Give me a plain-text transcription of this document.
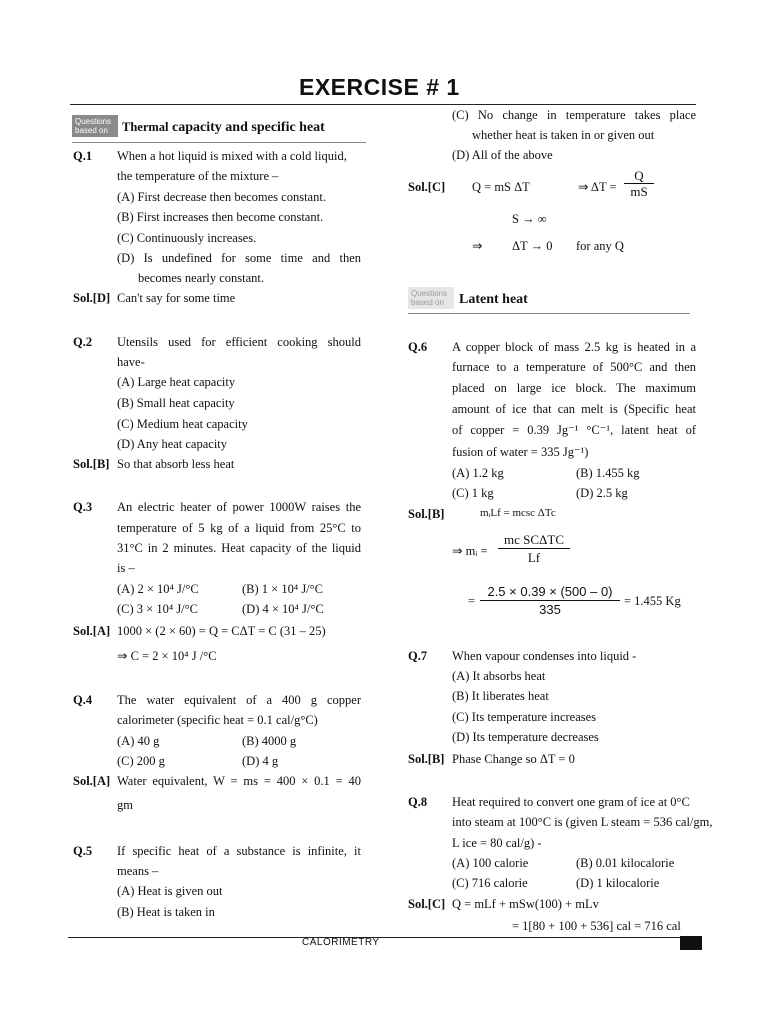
EXERCISE # 1
Questions based on	Thermal capacity and specific heat
Q.1 When a hot liquid is mixed with a cold liquid,
the temperature of the mixture –
(A) First decrease then becomes constant.
(B) First increases then become constant.
(C) Continuously increases.
(D) Is undefined for some time and then
becomes nearly constant.
Sol.[D] Can't say for some time
Q.2 Utensils used for efficient cooking should
have-
(A) Large heat capacity
(B) Small heat capacity
(C) Medium heat capacity
(D) Any heat capacity
Sol.[B] So that absorb less heat
Q.3 An electric heater of power 1000W raises the
temperature of 5 kg of a liquid from 25°C to
31°C in 2 minutes. Heat capacity of the liquid
is –
(A) 2 × 10⁴ J/°C	(B) 1 × 10⁴ J/°C
(C) 3 × 10⁴ J/°C	(D) 4 × 10⁴ J/°C
Sol.[A] 1000 × (2 × 60) = Q = CΔT = C (31 – 25)
⇒ C = 2 × 10⁴ J /°C
Q.4 The water equivalent of a 400 g copper
calorimeter (specific heat = 0.1 cal/g°C)
(A) 40 g	(B) 4000 g
(C) 200 g	(D) 4 g
Sol.[A] Water equivalent, W = ms = 400 × 0.1 = 40
gm
Q.5 If specific heat of a substance is infinite, it
means –
(A) Heat is given out
(B) Heat is taken in
(C) No change in temperature takes place
whether heat is taken in or given out
(D) All of the above
Sol.[C] Q = mS ΔT	⇒ $\Delta T = \frac{Q}{mS}$
S → ∞
⇒ ΔT → 0 for any Q
Questions based on	Latent heat
Q.6 A copper block of mass 2.5 kg is heated in a
furnace to a temperature of 500°C and then
placed on large ice block. The maximum
amount of ice that can melt is (Specific heat
of copper = 0.39 Jg⁻¹ °C⁻¹, latent heat of
fusion of water = 335 Jg⁻¹)
(A) 1.2 kg	(B) 1.455 kg
(C) 1 kg	(D) 2.5 kg
Sol.[B]	mᵢLf = mcsc ΔTc
⇒ mᵢ =
mc SCΔTC
Lf
= $\frac{2.5 \times 0.39 \times (500 - 0)}{335} = 1.455$ Kg
Q.7 When vapour condenses into liquid -
(A) It absorbs heat
(B) It liberates heat
(C) Its temperature increases
(D) Its temperature decreases
Sol.[B] Phase Change so ΔT = 0
Q.8 Heat required to convert one gram of ice at 0°C
into steam at 100°C is (given L steam = 536 cal/gm,
L ice = 80 cal/g) -
(A) 100 calorie	(B) 0.01 kilocalorie
(C) 716 calorie	(D) 1 kilocalorie
Sol.[C] Q = mLf + mSw(100) + mLv
= 1[80 + 100 + 536] cal = 716 cal
CALORIMETRY
